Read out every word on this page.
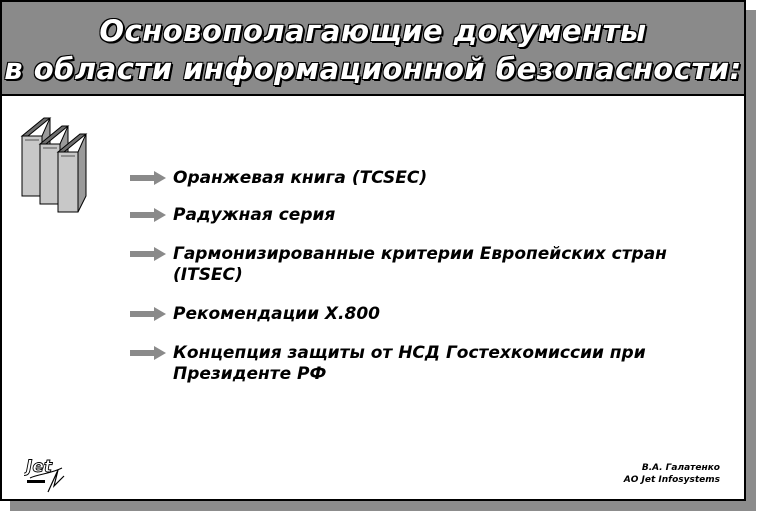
Основополагающие документы
в области информационной безопасности:
Оранжевая книга (TCSEC)
Радужная серия
Гармонизированные критерии Европейских стран
(ITSEC)
Рекомендации X.800
Концепция защиты от НСД Гостехкомиссии при
Президенте РФ
Jet	В.А. Галатенко
АО Jet Infosystems
